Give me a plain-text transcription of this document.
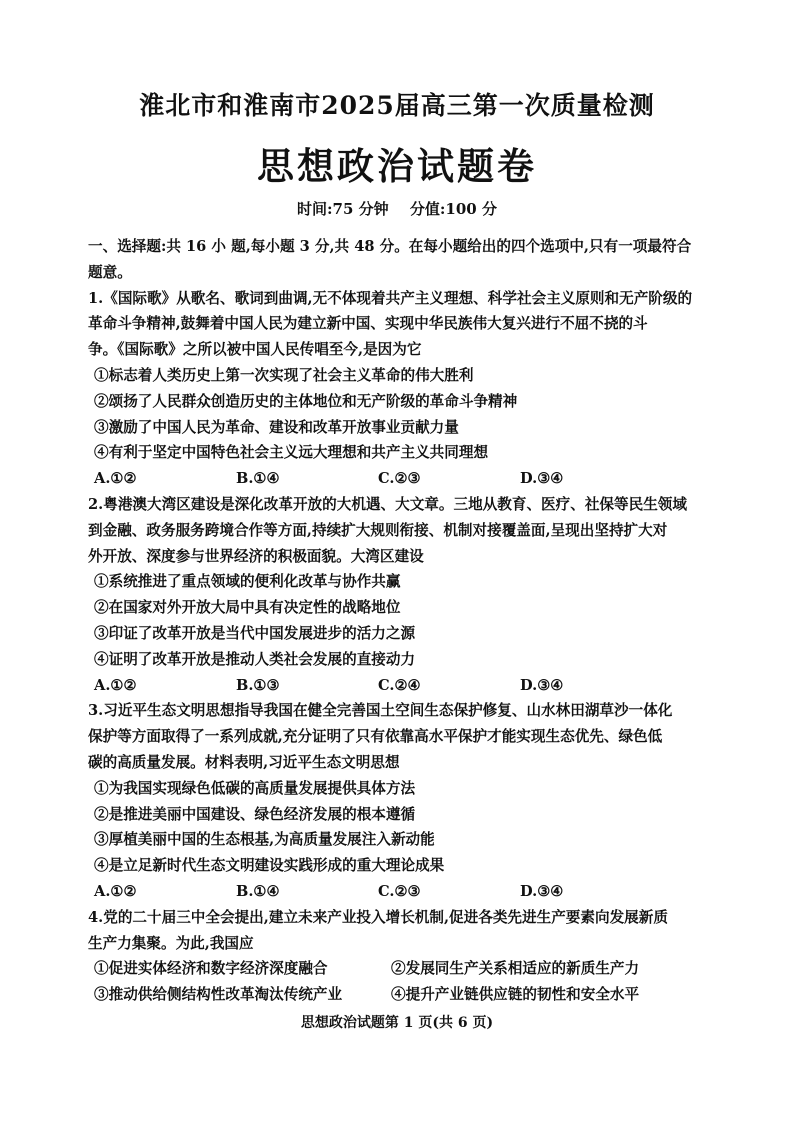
淮北市和淮南市2025届高三第一次质量检测
思想政治试题卷
时间:75 分钟 分值:100 分
一、选择题:共 16 小 题,每小题 3 分,共 48 分。在每小题给出的四个选项中,只有一项最符合
题意。
1.《国际歌》从歌名、歌词到曲调,无不体现着共产主义理想、科学社会主义原则和无产阶级的
革命斗争精神,鼓舞着中国人民为建立新中国、实现中华民族伟大复兴进行不屈不挠的斗
争。《国际歌》之所以被中国人民传唱至今,是因为它
①标志着人类历史上第一次实现了社会主义革命的伟大胜利
②颂扬了人民群众创造历史的主体地位和无产阶级的革命斗争精神
③激励了中国人民为革命、建设和改革开放事业贡献力量
④有利于坚定中国特色社会主义远大理想和共产主义共同理想
A.①②	B.①④	C.②③	D.③④
2.粤港澳大湾区建设是深化改革开放的大机遇、大文章。三地从教育、医疗、社保等民生领域
到金融、政务服务跨境合作等方面,持续扩大规则衔接、机制对接覆盖面,呈现出坚持扩大对
外开放、深度参与世界经济的积极面貌。大湾区建设
①系统推进了重点领域的便利化改革与协作共赢
②在国家对外开放大局中具有决定性的战略地位
③印证了改革开放是当代中国发展进步的活力之源
④证明了改革开放是推动人类社会发展的直接动力
A.①②	B.①③	C.②④	D.③④
3.习近平生态文明思想指导我国在健全完善国土空间生态保护修复、山水林田湖草沙一体化
保护等方面取得了一系列成就,充分证明了只有依靠高水平保护才能实现生态优先、绿色低
碳的高质量发展。材料表明,习近平生态文明思想
①为我国实现绿色低碳的高质量发展提供具体方法
②是推进美丽中国建设、绿色经济发展的根本遵循
③厚植美丽中国的生态根基,为高质量发展注入新动能
④是立足新时代生态文明建设实践形成的重大理论成果
A.①②	B.①④	C.②③	D.③④
4.党的二十届三中全会提出,建立未来产业投入增长机制,促进各类先进生产要素向发展新质
生产力集聚。为此,我国应
①促进实体经济和数字经济深度融合	②发展同生产关系相适应的新质生产力
③推动供给侧结构性改革淘汰传统产业	④提升产业链供应链的韧性和安全水平
思想政治试题第 1 页(共 6 页)
